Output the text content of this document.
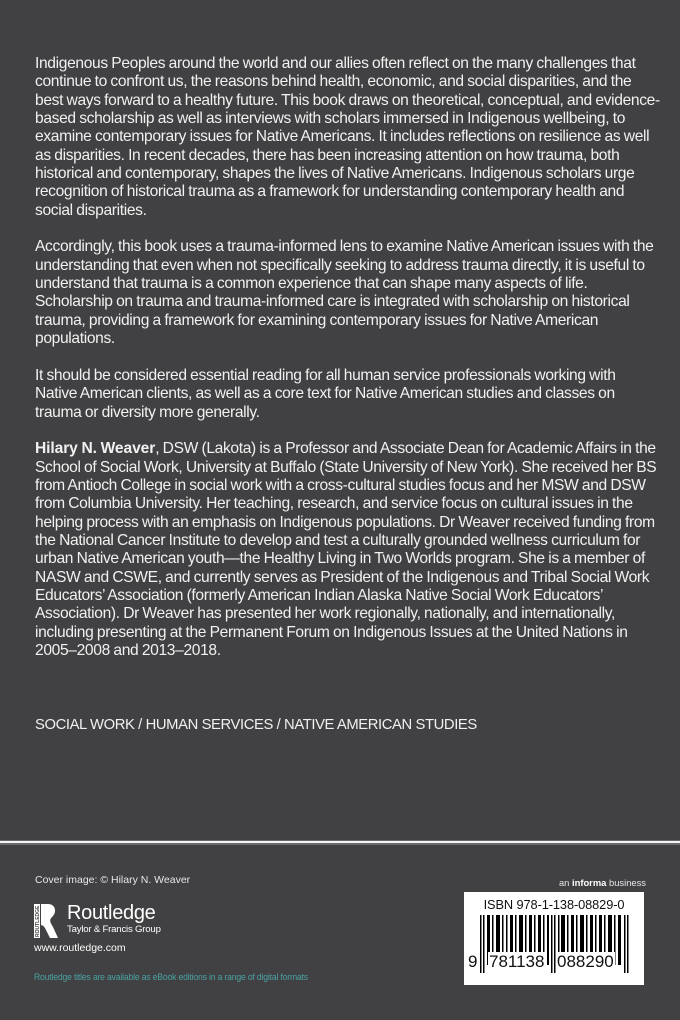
Indigenous Peoples around the world and our allies often reflect on the many challenges that continue to confront us, the reasons behind health, economic, and social disparities, and the best ways forward to a healthy future. This book draws on theoretical, conceptual, and evidence-based scholarship as well as interviews with scholars immersed in Indigenous wellbeing, to examine contemporary issues for Native Americans. It includes reflections on resilience as well as disparities. In recent decades, there has been increasing attention on how trauma, both historical and contemporary, shapes the lives of Native Americans. Indigenous scholars urge recognition of historical trauma as a framework for understanding contemporary health and social disparities.

Accordingly, this book uses a trauma-informed lens to examine Native American issues with the understanding that even when not specifically seeking to address trauma directly, it is useful to understand that trauma is a common experience that can shape many aspects of life. Scholarship on trauma and trauma-informed care is integrated with scholarship on historical trauma, providing a framework for examining contemporary issues for Native American populations.

It should be considered essential reading for all human service professionals working with Native American clients, as well as a core text for Native American studies and classes on trauma or diversity more generally.

Hilary N. Weaver, DSW (Lakota) is a Professor and Associate Dean for Academic Affairs in the School of Social Work, University at Buffalo (State University of New York). She received her BS from Antioch College in social work with a cross-cultural studies focus and her MSW and DSW from Columbia University. Her teaching, research, and service focus on cultural issues in the helping process with an emphasis on Indigenous populations. Dr Weaver received funding from the National Cancer Institute to develop and test a culturally grounded wellness curriculum for urban Native American youth—the Healthy Living in Two Worlds program. She is a member of NASW and CSWE, and currently serves as President of the Indigenous and Tribal Social Work Educators’ Association (formerly American Indian Alaska Native Social Work Educators’ Association). Dr Weaver has presented her work regionally, nationally, and internationally, including presenting at the Permanent Forum on Indigenous Issues at the United Nations in 2005–2008 and 2013–2018.

SOCIAL WORK / HUMAN SERVICES / NATIVE AMERICAN STUDIES
Cover image: © Hilary N. Weaver
ROUTLEDGE Routledge
Taylor & Francis Group
www.routledge.com
Routledge titles are available as eBook editions in a range of digital formats
an informa business
ISBN 978-1-138-08829-0
9 781138 088290
